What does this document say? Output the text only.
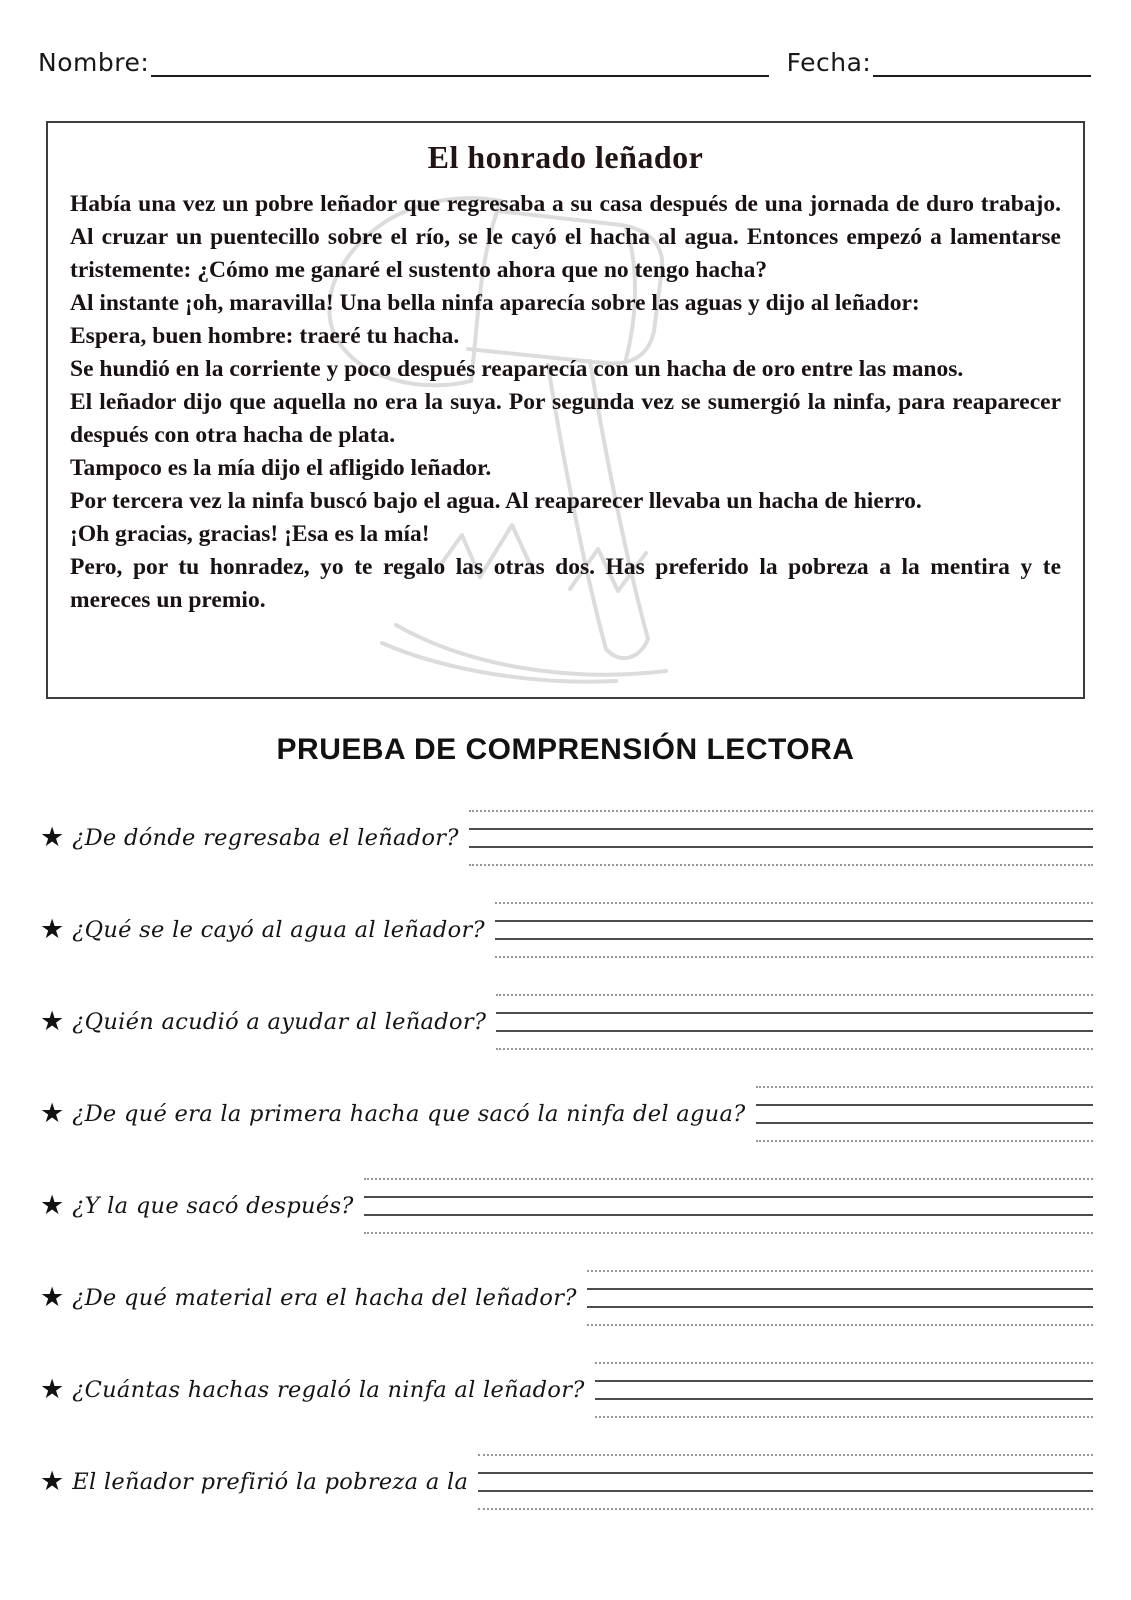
Nombre:	Fecha:
El honrado leñador

Había una vez un pobre leñador que regresaba a su casa después de una jornada de duro trabajo. Al cruzar un puentecillo sobre el río, se le cayó el hacha al agua. Entonces empezó a lamentarse tristemente: ¿Cómo me ganaré el sustento ahora que no tengo hacha?

Al instante ¡oh, maravilla! Una bella ninfa aparecía sobre las aguas y dijo al leñador:

Espera, buen hombre: traeré tu hacha.

Se hundió en la corriente y poco después reaparecía con un hacha de oro entre las manos.

El leñador dijo que aquella no era la suya. Por segunda vez se sumergió la ninfa, para reaparecer después con otra hacha de plata.

Tampoco es la mía dijo el afligido leñador.

Por tercera vez la ninfa buscó bajo el agua. Al reaparecer llevaba un hacha de hierro.

¡Oh gracias, gracias! ¡Esa es la mía!

Pero, por tu honradez, yo te regalo las otras dos. Has preferido la pobreza a la mentira y te mereces un premio.

PRUEBA DE COMPRENSIÓN LECTORA
★ ¿De dónde regresaba el leñador?
★ ¿Qué se le cayó al agua al leñador?
★ ¿Quién acudió a ayudar al leñador?
★ ¿De qué era la primera hacha que sacó la ninfa del agua?
★ ¿Y la que sacó después?
★ ¿De qué material era el hacha del leñador?
★ ¿Cuántas hachas regaló la ninfa al leñador?
★ El leñador prefirió la pobreza a la
